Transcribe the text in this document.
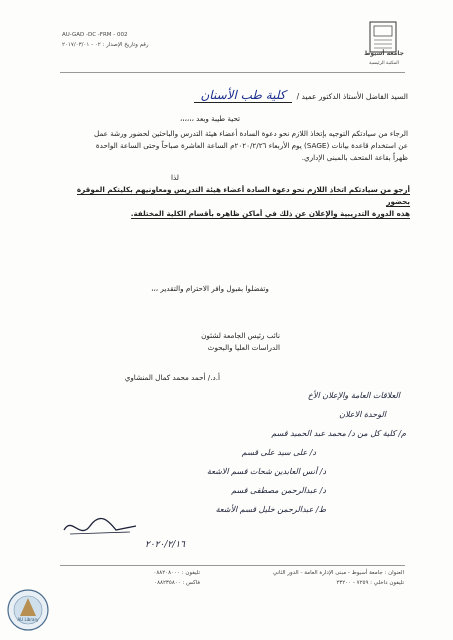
AU-GAD -DC -FRM - 002
رقم وتاريخ الإصدار : ٠٢ - ٢٠١٧/٠٣/٠١
جامعة أسيوط
المكتبة الرئيسية
السيد الفاضل الأستاذ الدكتور عميد / كلية طب الأسنان
تحية طيبة وبعد ،،،،،،
الرجاء من سيادتكم التوجيه بإتخاذ اللازم نحو دعوة السادة أعضاء هيئة التدرس والباحثين لحضور ورشة عمل
عن استخدام قاعدة بيانات (SAGE) يوم الأربعاء ٢٠٢٠/٢/٢٦م الساعة العاشرة صباحاً وحتى الساعة الواحدة
ظهراً بقاعة المتحف بالمبنى الإداري.
لذا
أرجو من سيادتكم اتخاذ اللازم نحو دعوة السادة أعضاء هيئة التدريس ومعاونيهم بكليتكم الموقرة بحضور
هذه الدورة التدريبية والإعلان عن ذلك في أماكن ظاهره بأقسام الكلية المختلفة.
وتفضلوا بقبول وافر الاحترام والتقدير ،،،
نائب رئيس الجامعة لشئون
الدراسات العليا والبحوث
أ.د./ أحمد محمد كمال المنشاوي
العلاقات العامة والإعلان الأخ
الوحدة الاعلان
م/ كلية كل من د/ محمد عبد الحميد قسم
د/ على سيد على قسم
د/ أنس العابدين شحات قسم الاشعة
د/ عبدالرحمن مصطفى قسم
ط/ عبدالرحمن خليل قسم الأشعة
٢٠٢٠/٢/١٦
العنوان : جامعة أسيوط - مبنى الإدارة العامة - الدور الثاني
تليفون داخلي : ٧٢٥٩ - ٢٣٢٠٠
تليفون : ٠٨٨٢٠٨٠٠٠
فاكس : ٠٨٨٢٣٥٨٠٠
AU Library
